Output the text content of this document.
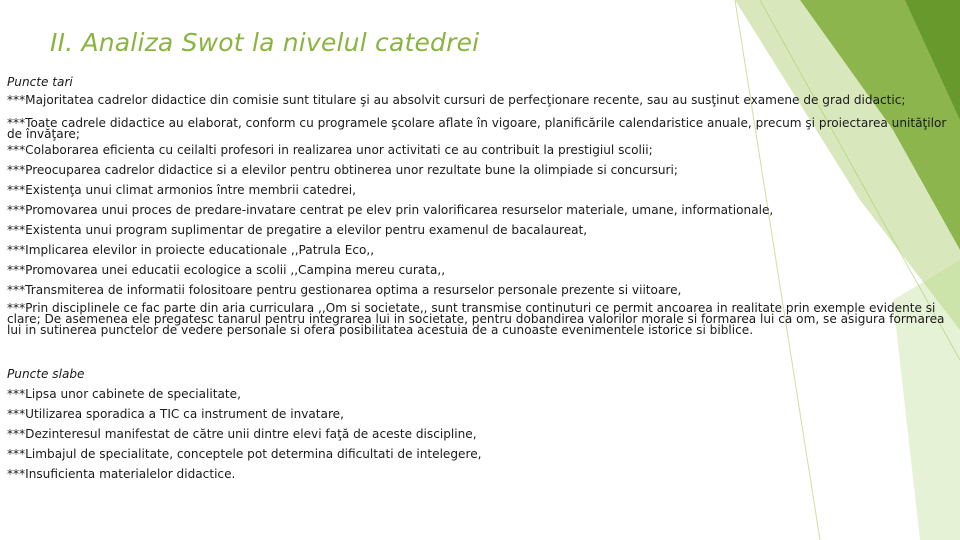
II. Analiza Swot la nivelul catedrei
Puncte tari
***Majoritatea cadrelor didactice din comisie sunt titulare şi au absolvit cursuri de perfecţionare recente, sau au susţinut examene de grad didactic;
***Toate cadrele didactice au elaborat, conform cu programele şcolare aflate în vigoare, planificările calendaristice anuale, precum şi proiectarea unităţilor de învăţare;
***Colaborarea eficienta cu ceilalti profesori in realizarea unor activitati ce au contribuit la prestigiul scolii;
***Preocuparea cadrelor didactice si a elevilor pentru obtinerea unor rezultate bune la olimpiade si concursuri;
***Existenţa unui climat armonios între membrii catedrei,
***Promovarea unui proces de predare-invatare centrat pe elev prin valorificarea resurselor materiale, umane, informationale,
***Existenta unui program suplimentar de pregatire a elevilor pentru examenul de bacalaureat,
***Implicarea elevilor in proiecte educationale ,,Patrula Eco,,
***Promovarea unei educatii ecologice a scolii ,,Campina mereu curata,,
***Transmiterea de informatii folositoare pentru gestionarea optima a resurselor personale prezente si viitoare,
***Prin disciplinele ce fac parte din aria curriculara ,,Om si societate,, sunt transmise continuturi ce permit ancoarea in realitate prin exemple evidente si clare; De asemenea ele pregatesc tanarul pentru integrarea lui in societate, pentru dobandirea valorilor morale si formarea lui ca om, se asigura formarea lui in sutinerea punctelor de vedere personale si ofera posibilitatea acestuia de a cunoaste evenimentele istorice si biblice.
Puncte slabe
***Lipsa unor cabinete de specialitate,
***Utilizarea sporadica a TIC ca instrument de invatare,
***Dezinteresul manifestat de către unii dintre elevi faţă de aceste discipline,
***Limbajul de specialitate, conceptele pot determina dificultati de intelegere,
***Insuficienta materialelor didactice.
